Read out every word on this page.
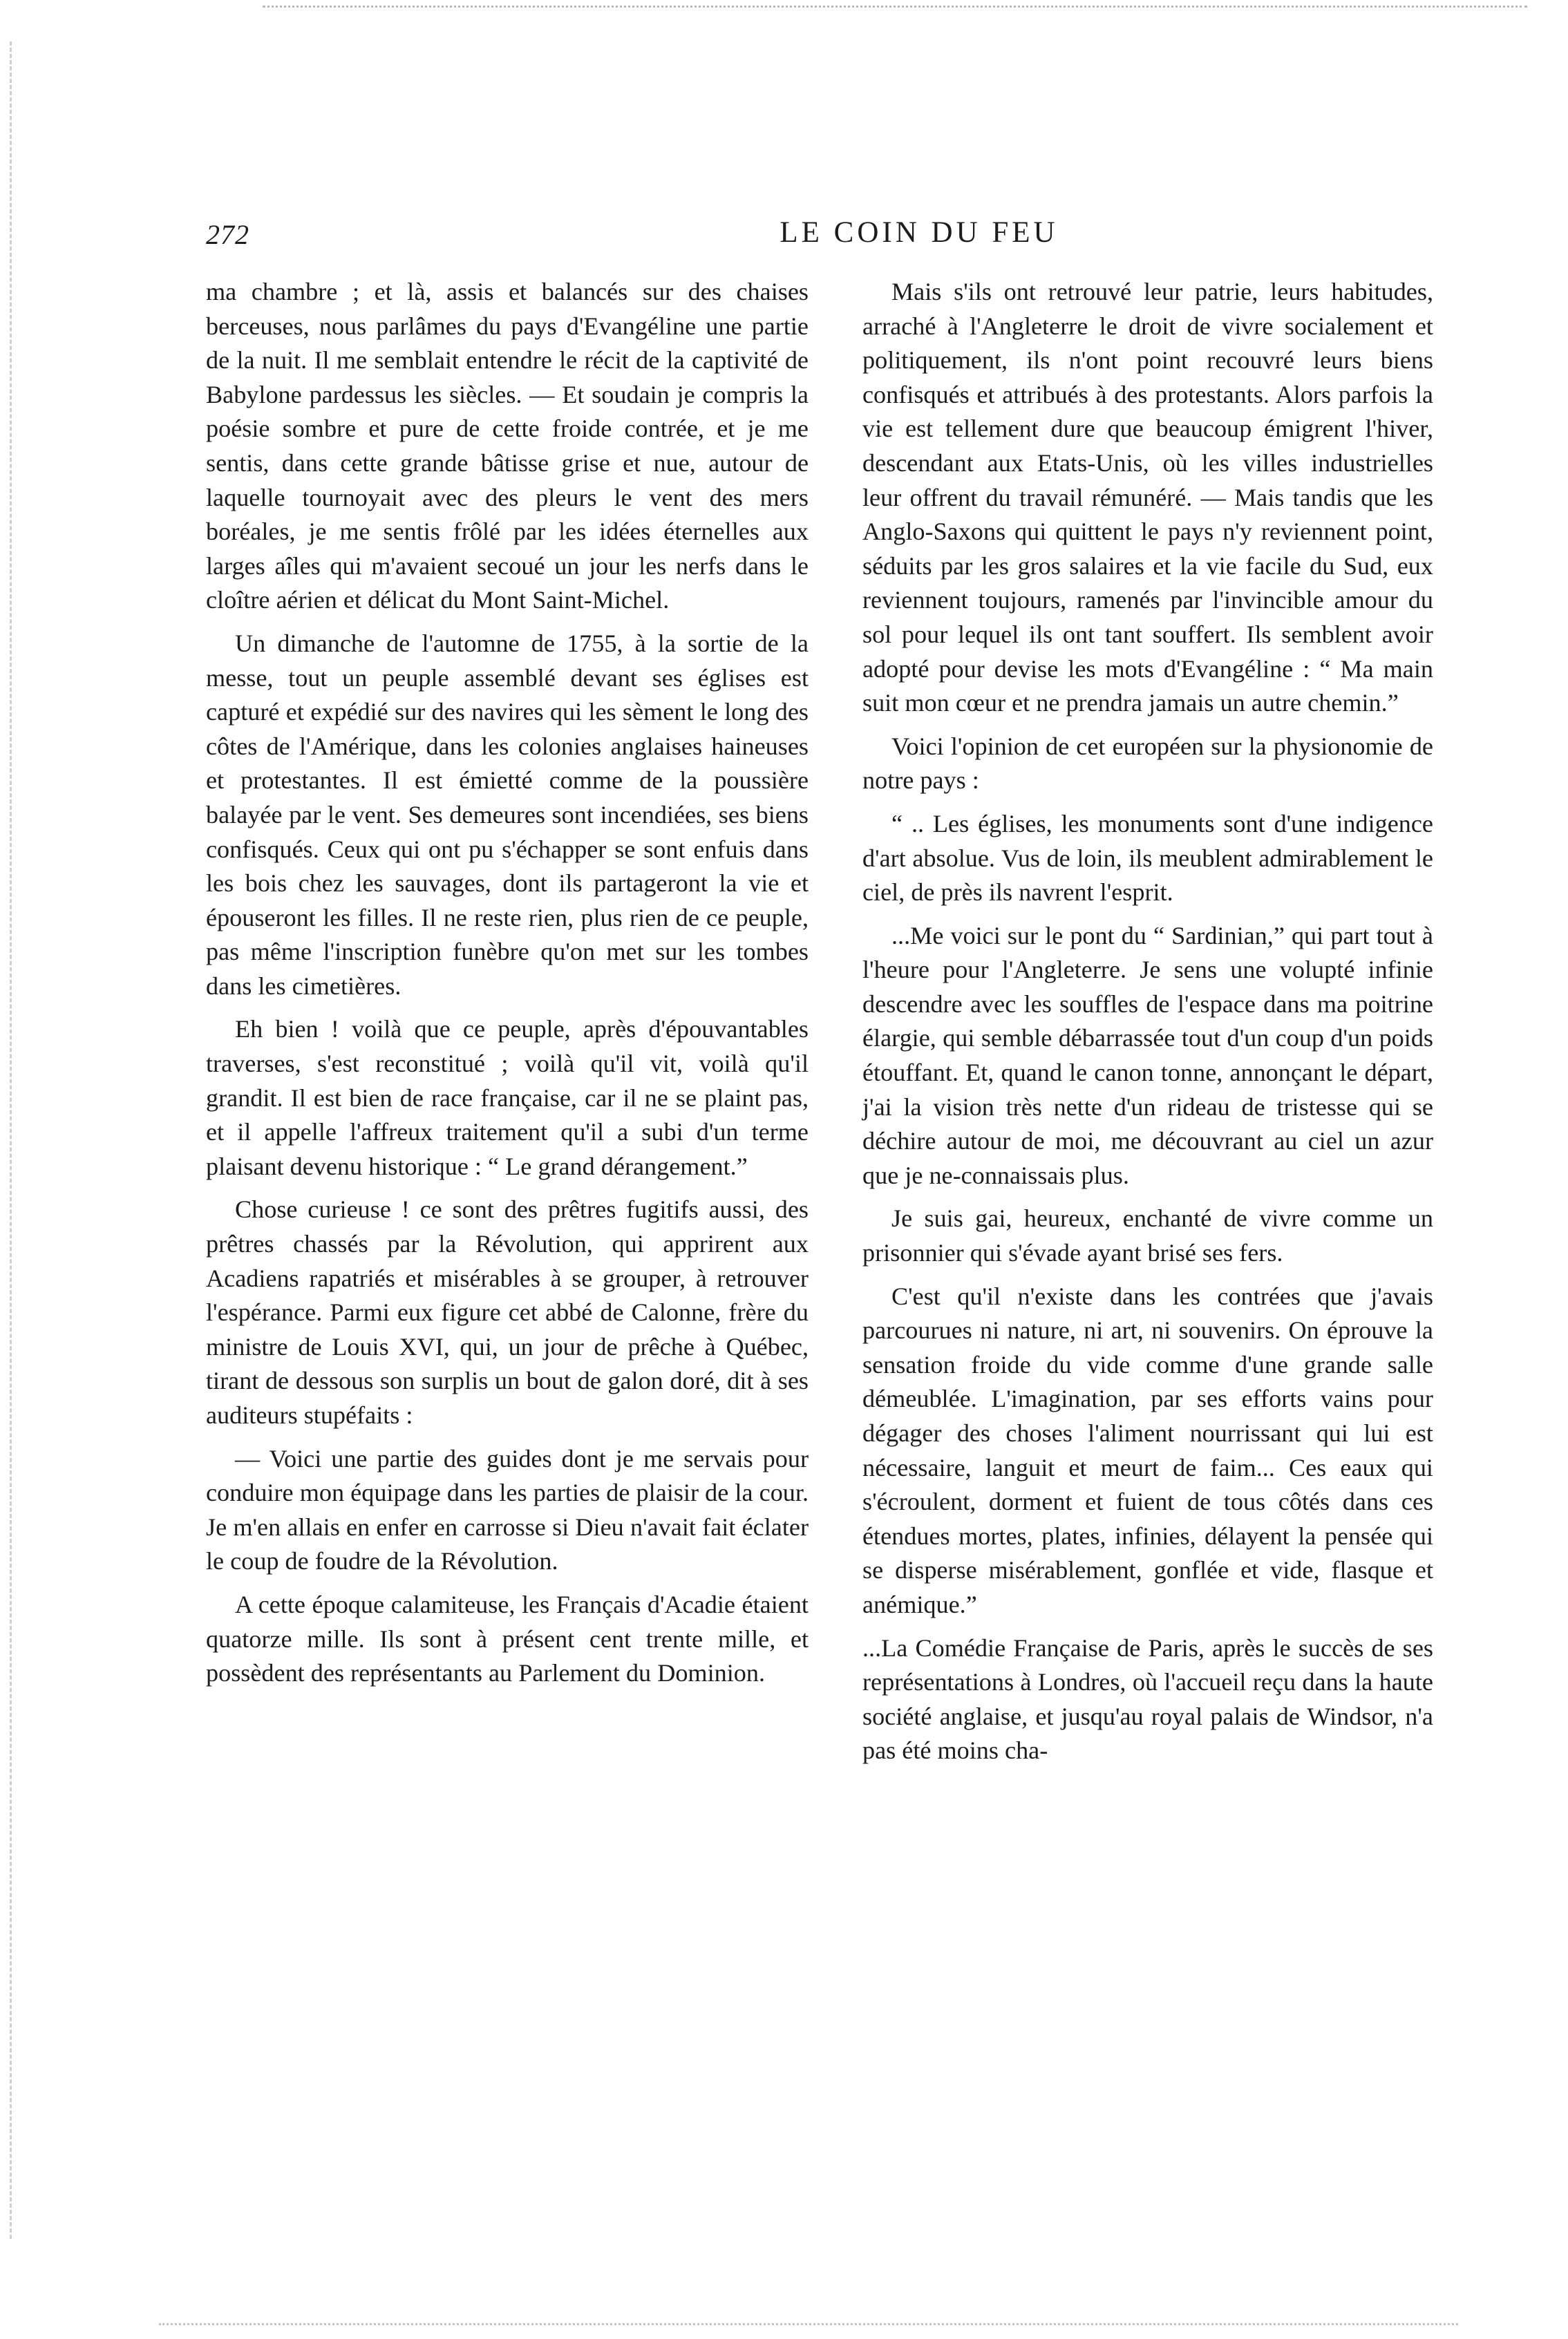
272	LE COIN DU FEU

ma chambre ; et là, assis et balancés sur des chaises berceuses, nous parlâmes du pays d'Evangéline une partie de la nuit. Il me semblait entendre le récit de la captivité de Babylone pardessus les siècles. — Et soudain je compris la poésie sombre et pure de cette froide contrée, et je me sentis, dans cette grande bâtisse grise et nue, autour de laquelle tournoyait avec des pleurs le vent des mers boréales, je me sentis frôlé par les idées éternelles aux larges aîles qui m'avaient secoué un jour les nerfs dans le cloître aérien et délicat du Mont Saint-Michel.

Un dimanche de l'automne de 1755, à la sortie de la messe, tout un peuple assemblé devant ses églises est capturé et expédié sur des navires qui les sèment le long des côtes de l'Amérique, dans les colonies anglaises haineuses et protestantes. Il est émietté comme de la poussière balayée par le vent. Ses demeures sont incendiées, ses biens confisqués. Ceux qui ont pu s'échapper se sont enfuis dans les bois chez les sauvages, dont ils partageront la vie et épouseront les filles. Il ne reste rien, plus rien de ce peuple, pas même l'inscription funèbre qu'on met sur les tombes dans les cimetières.

Eh bien ! voilà que ce peuple, après d'épouvantables traverses, s'est reconstitué ; voilà qu'il vit, voilà qu'il grandit. Il est bien de race française, car il ne se plaint pas, et il appelle l'affreux traitement qu'il a subi d'un terme plaisant devenu historique : “ Le grand dérangement.”

Chose curieuse ! ce sont des prêtres fugitifs aussi, des prêtres chassés par la Révolution, qui apprirent aux Acadiens rapatriés et misérables à se grouper, à retrouver l'espérance. Parmi eux figure cet abbé de Calonne, frère du ministre de Louis XVI, qui, un jour de prêche à Québec, tirant de dessous son surplis un bout de galon doré, dit à ses auditeurs stupéfaits :

— Voici une partie des guides dont je me servais pour conduire mon équipage dans les parties de plaisir de la cour. Je m'en allais en enfer en carrosse si Dieu n'avait fait éclater le coup de foudre de la Révolution.

A cette époque calamiteuse, les Français d'Acadie étaient quatorze mille. Ils sont à présent cent trente mille, et possèdent des représentants au Parlement du Dominion.

Mais s'ils ont retrouvé leur patrie, leurs habitudes, arraché à l'Angleterre le droit de vivre socialement et politiquement, ils n'ont point recouvré leurs biens confisqués et attribués à des protestants. Alors parfois la vie est tellement dure que beaucoup émigrent l'hiver, descendant aux Etats-Unis, où les villes industrielles leur offrent du travail rémunéré. — Mais tandis que les Anglo-Saxons qui quittent le pays n'y reviennent point, séduits par les gros salaires et la vie facile du Sud, eux reviennent toujours, ramenés par l'invincible amour du sol pour lequel ils ont tant souffert. Ils semblent avoir adopté pour devise les mots d'Evangéline : “ Ma main suit mon cœur et ne prendra jamais un autre chemin.”

Voici l'opinion de cet européen sur la physionomie de notre pays :

“ .. Les églises, les monuments sont d'une indigence d'art absolue. Vus de loin, ils meublent admirablement le ciel, de près ils navrent l'esprit.

...Me voici sur le pont du “ Sardinian,” qui part tout à l'heure pour l'Angleterre. Je sens une volupté infinie descendre avec les souffles de l'espace dans ma poitrine élargie, qui semble débarrassée tout d'un coup d'un poids étouffant. Et, quand le canon tonne, annonçant le départ, j'ai la vision très nette d'un rideau de tristesse qui se déchire autour de moi, me découvrant au ciel un azur que je ne-connaissais plus.

Je suis gai, heureux, enchanté de vivre comme un prisonnier qui s'évade ayant brisé ses fers.

C'est qu'il n'existe dans les contrées que j'avais parcourues ni nature, ni art, ni souvenirs. On éprouve la sensation froide du vide comme d'une grande salle démeublée. L'imagination, par ses efforts vains pour dégager des choses l'aliment nourrissant qui lui est nécessaire, languit et meurt de faim... Ces eaux qui s'écroulent, dorment et fuient de tous côtés dans ces étendues mortes, plates, infinies, délayent la pensée qui se disperse misérablement, gonflée et vide, flasque et anémique.”

...La Comédie Française de Paris, après le succès de ses représentations à Londres, où l'accueil reçu dans la haute société anglaise, et jusqu'au royal palais de Windsor, n'a pas été moins cha-
